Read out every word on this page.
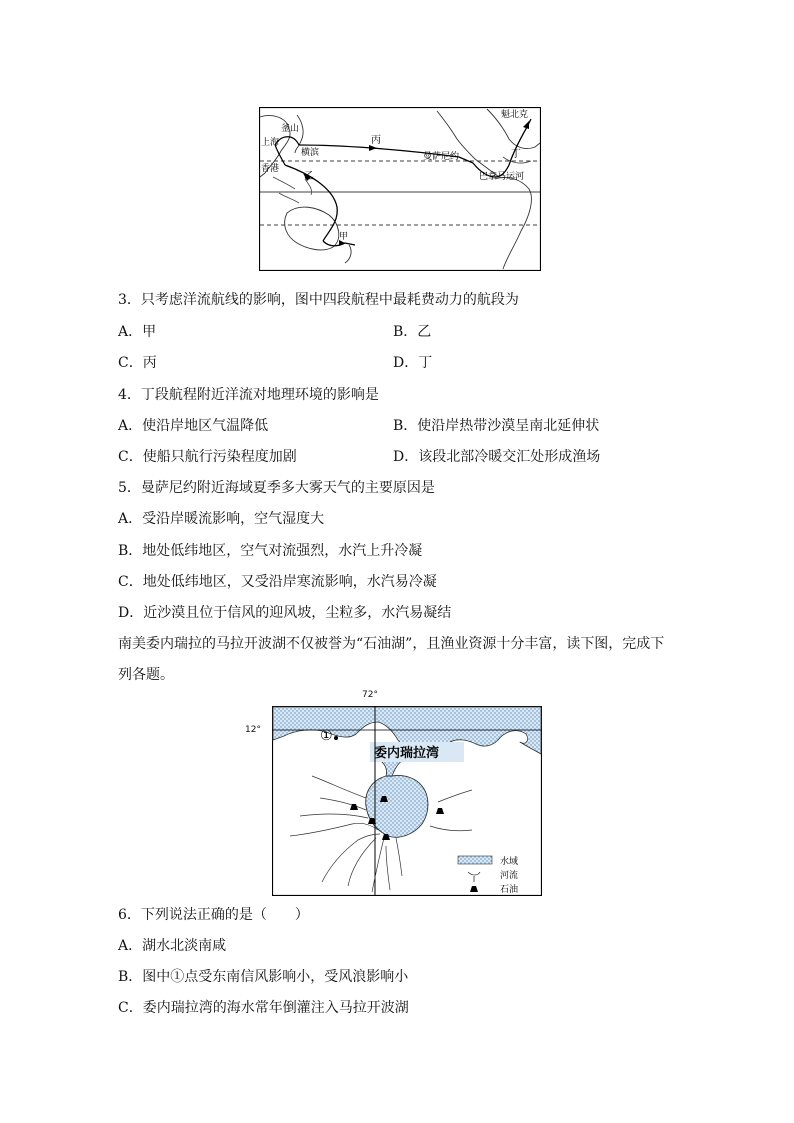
釜山
上海
横滨
香港
丙
乙
甲
丁
曼萨尼约
巴拿马运河
魁北克
3．只考虑洋流航线的影响，图中四段航程中最耗费动力的航段为
A．甲	B．乙
C．丙	D．丁
4．丁段航程附近洋流对地理环境的影响是
A．使沿岸地区气温降低	B．使沿岸热带沙漠呈南北延伸状
C．使船只航行污染程度加剧	D．该段北部冷暖交汇处形成渔场
5．曼萨尼约附近海域夏季多大雾天气的主要原因是
A．受沿岸暖流影响，空气湿度大
B．地处低纬地区，空气对流强烈，水汽上升冷凝
C．地处低纬地区，又受沿岸寒流影响，水汽易冷凝
D．近沙漠且位于信风的迎风坡，尘粒多，水汽易凝结
南美委内瑞拉的马拉开波湖不仅被誉为“石油湖”，且渔业资源十分丰富，读下图，完成下
列各题。
72°
12°
委内瑞拉湾
①
水域
河流
石油
6．下列说法正确的是（　　）
A．湖水北淡南咸
B．图中①点受东南信风影响小，受风浪影响小
C．委内瑞拉湾的海水常年倒灌注入马拉开波湖
